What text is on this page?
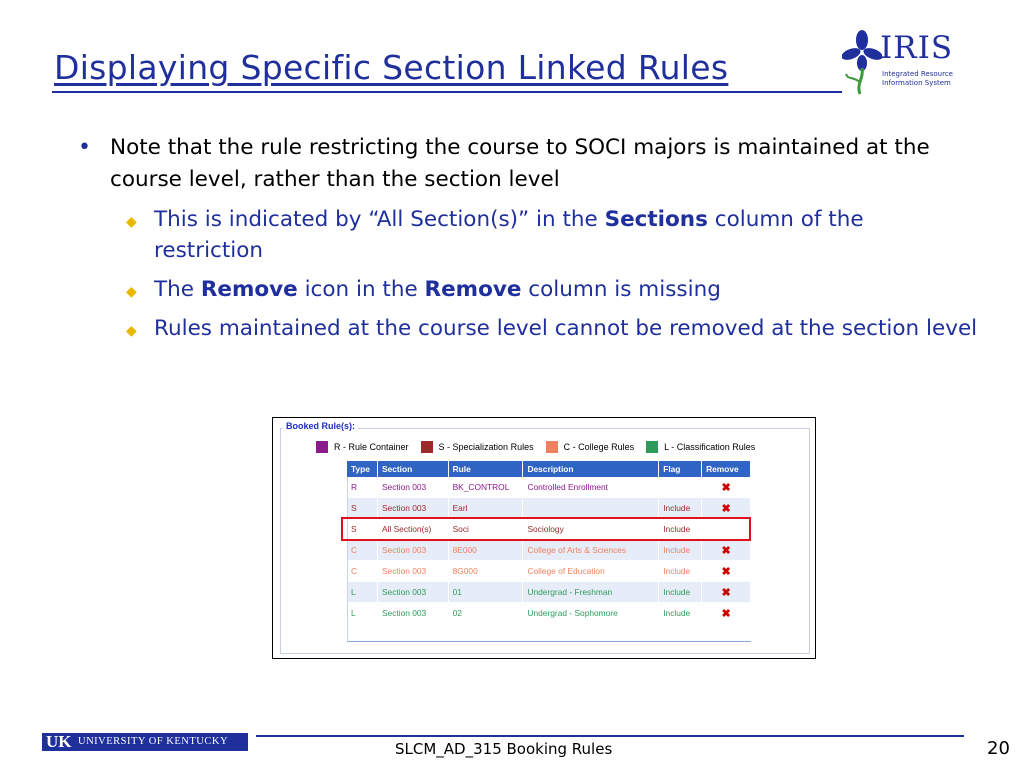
Displaying Specific Section Linked Rules	IRIS
Integrated Resource
Information System
• Note that the rule restricting the course to SOCI majors is maintained at the course level, rather than the section level
◆ This is indicated by “All Section(s)” in the Sections column of the restriction
◆ The Remove icon in the Remove column is missing
◆ Rules maintained at the course level cannot be removed at the section level
Booked Rule(s):
R - Rule Container	S - Specialization Rules	C - College Rules	L - Classification Rules
Type	Section	Rule	Description	Flag	Remove
R	Section 003	BK_CONTROL	Controlled Enrollment		✖
S	Section 003	Earl		Include	✖
S	All Section(s)	Soci	Sociology	Include	
C	Section 003	8E000	College of Arts & Sciences	Include	✖
C	Section 003	8G000	College of Education	Include	✖
L	Section 003	01	Undergrad - Freshman	Include	✖
L	Section 003	02	Undergrad - Sophomore	Include	✖
UK UNIVERSITY OF KENTUCKY	SLCM_AD_315 Booking Rules	20
